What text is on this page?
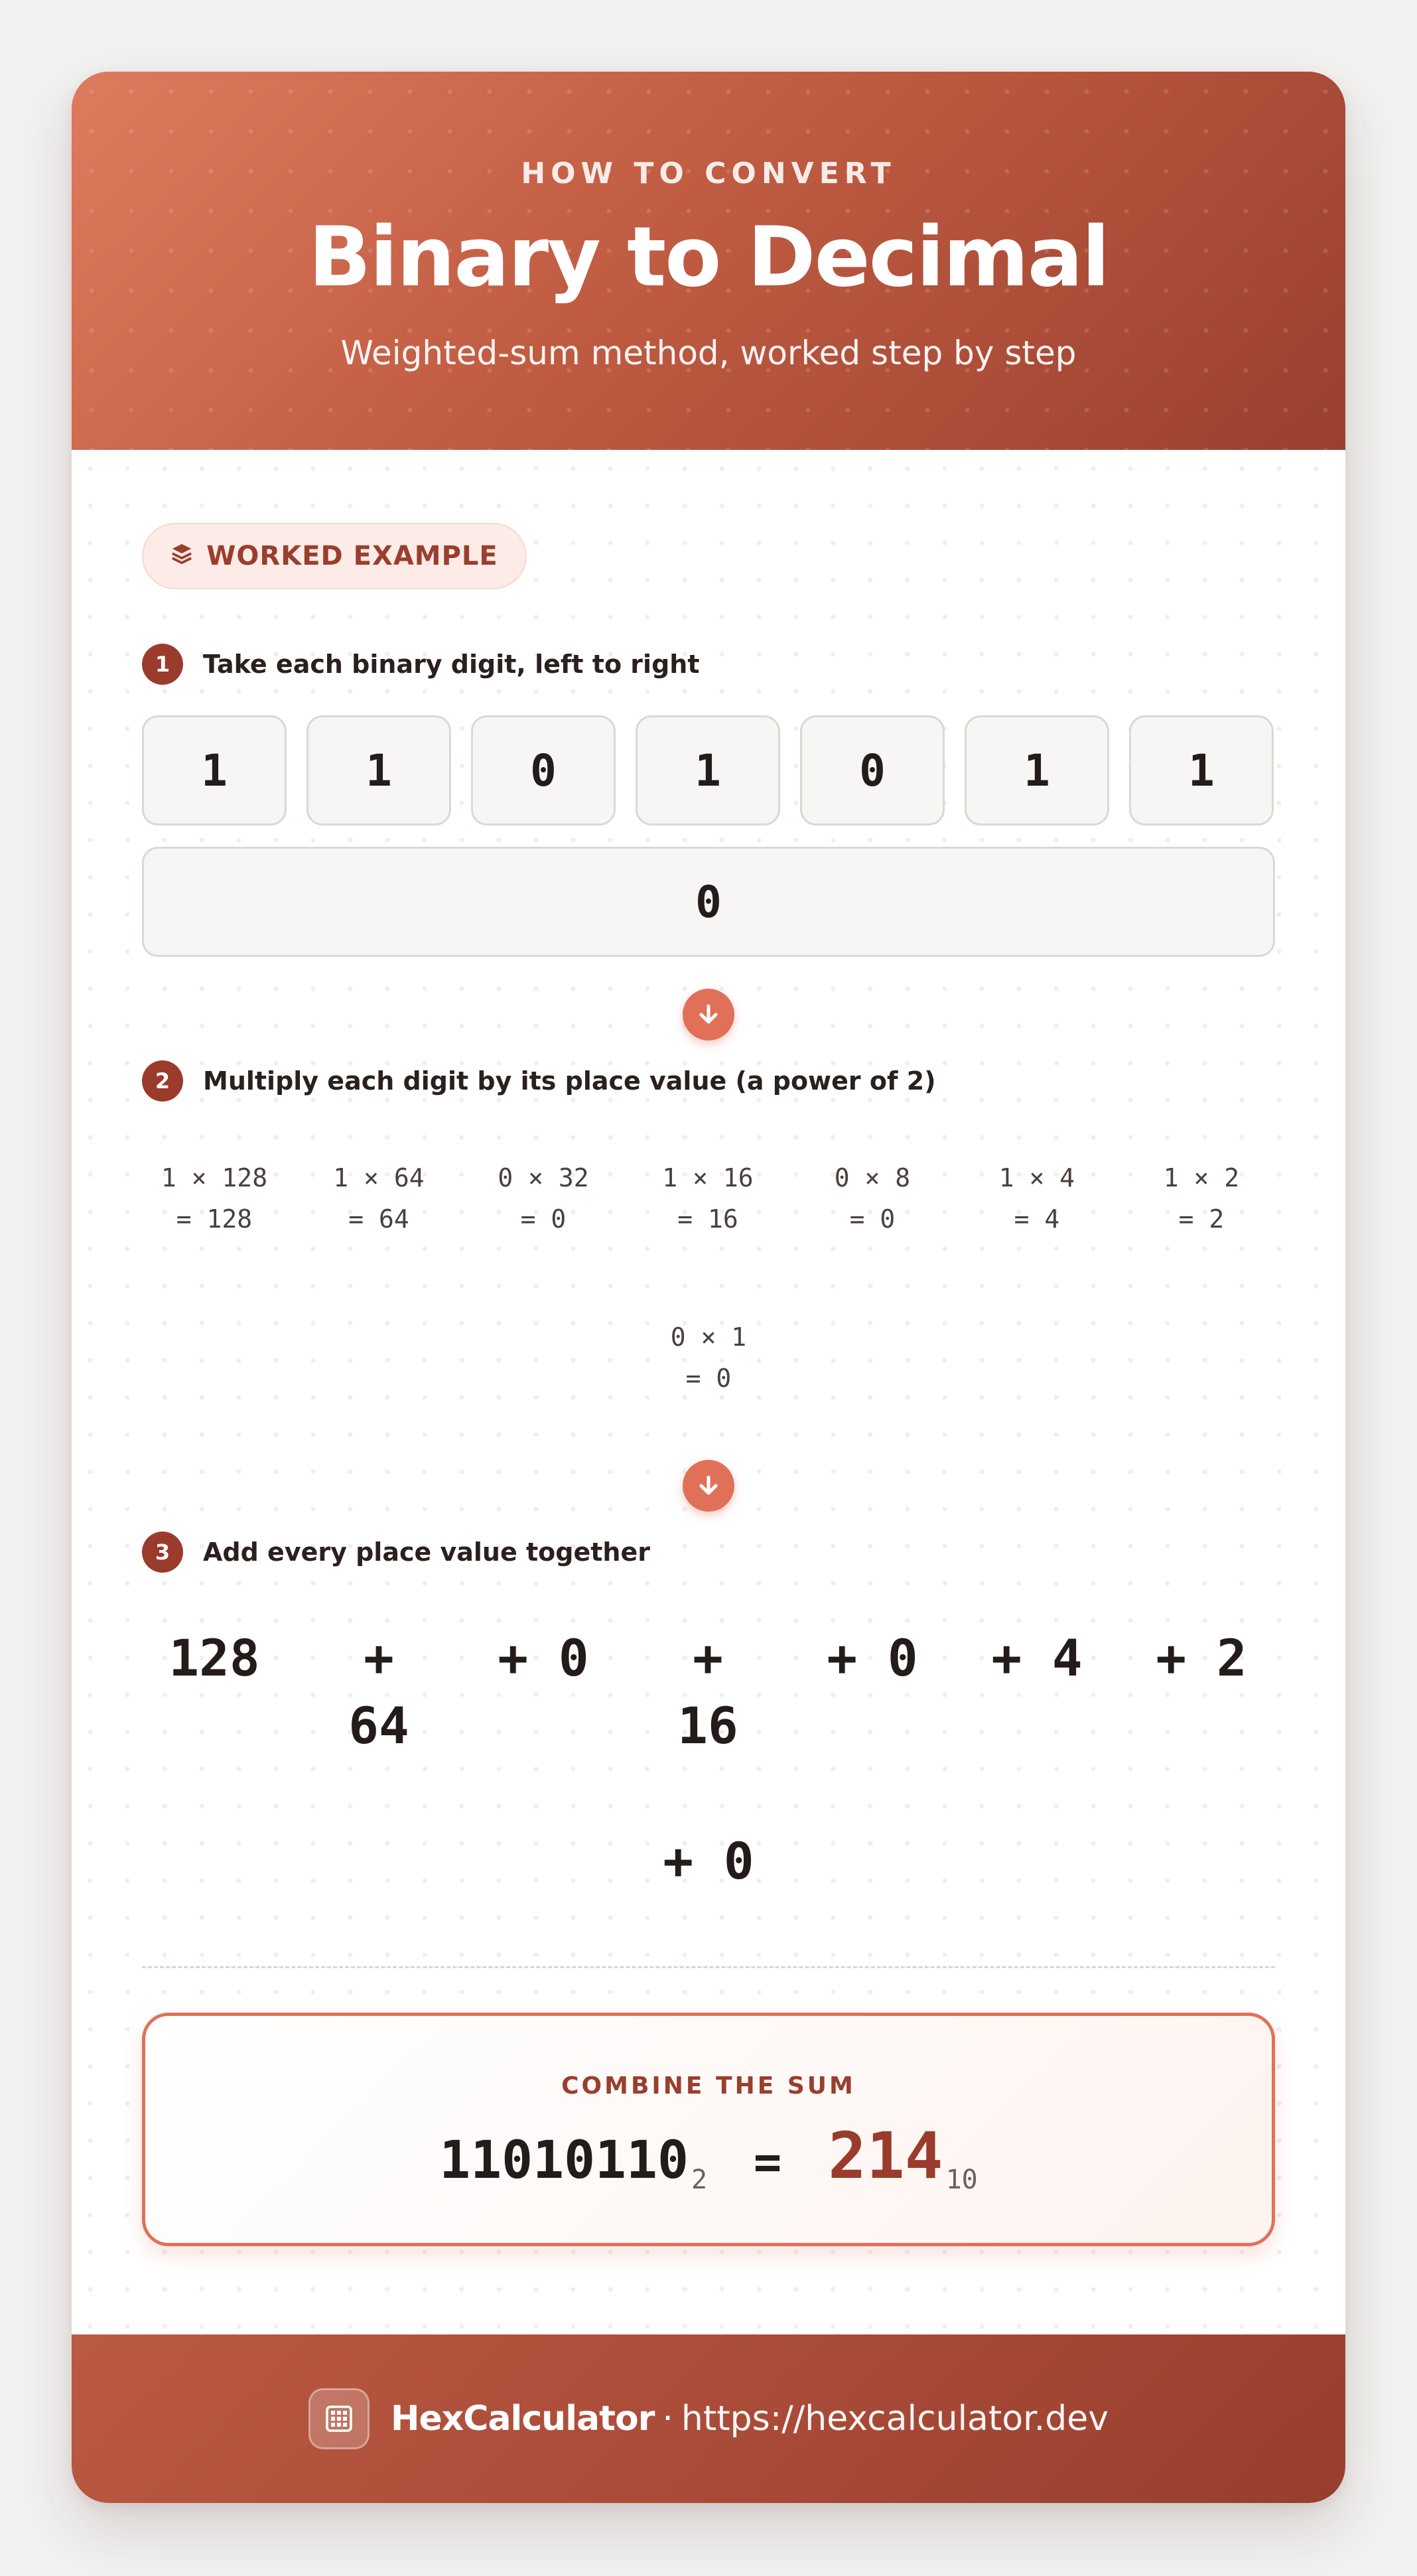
HOW TO CONVERT
Binary to Decimal
Weighted-sum method, worked step by step
WORKED EXAMPLE
1	Take each binary digit, left to right
1	1	0	1	0	1	1
0
2	Multiply each digit by its place value (a power of 2)
1 × 128
= 128
1 × 64
= 64
0 × 32
= 0
1 × 16
= 16
0 × 8
= 0
1 × 4
= 4
1 × 2
= 2
0 × 1
= 0
3	Add every place value together
128	+
64
+ 0	+
16
+ 0	+ 4	+ 2
+ 0
COMBINE THE SUM
11010110 2 = 214 10
HexCalculator · https://hexcalculator.dev
